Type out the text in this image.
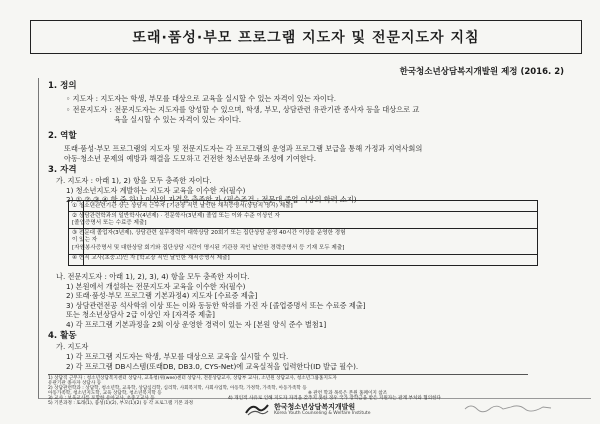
또래·품성·부모 프로그램 지도자 및 전문지도자 지침
한국청소년상담복지개발원 제정 (2016. 2)
1. 정의
◦ 지도자 : 지도자는 학생, 부모를 대상으로 교육을 실시할 수 있는 자격이 있는 자이다.
◦ 전문지도자 : 전문지도자는 지도자를 양성할 수 있으며, 학생, 부모, 상담관련 유관기관 종사자 등을 대상으로 교
육을 실시할 수 있는 자격이 있는 자이다.
2. 역할
또래·품성·부모 프로그램의 지도자 및 전문지도자는 각 프로그램의 운영과 프로그램 보급을 통해 가정과 지역사회의
아동·청소년 문제의 예방과 해결을 도모하고 건전한 청소년문화 조성에 기여한다.
3. 자격
가. 지도자 : 아래 1), 2) 항을 모두 충족한 자이다.
1) 청소년지도자 계발하는 지도자 교육을 이수한 자(필수)
2) ①,②,③,④ 항 중 하나 이상의 자격을 충족한 자 (필수조건 : 전문대 졸업 이상의 학력 소지)
① 청소년관련기관 상근 상담직 근무자 [기관장 직인 날인한 재직증명서(상담직 명시) 제출]
② 상담관련학과의 일반학사(4년제) · 전문학사(3년제) 졸업 또는 이와 수준 이상인 자
[졸업증명서 또는 수료증 제출]
③ 전문대 졸업자(3년제), 상담관련 실무경력이 대학상담 20회기 또는 집단상담 운영 40시간 이상을 운영한 경험
이 있는 자
[자원봉사증명서 및 대한상담 회기와 집단상담 시간이 명시된 기관장 직인 날인한 경력증명서 등 기재 모두 제출]
④ 현직 교사(초중고)인 자 [학교장 직인 날인한 재직증명서 제출]
나. 전문지도자 : 아래 1), 2), 3), 4) 항을 모두 충족한 자이다.
1) 본원에서 개설하는 전문지도자 교육을 이수한 자(필수)
2) 또래·품성·부모 프로그램 기본과정4) 지도자 [수료증 제출]
3) 상담관련전공 석사학위 이상 또는 이와 동등한 학위를 가진 자 [졸업증명서 또는 수료증 제출]
또는 청소년상담사 2급 이상인 자 [자격증 제출]
4) 각 프로그램 기본과정을 2회 이상 운영한 경력이 있는 자 [본원 양식 준수 별첨1]
4. 활동
가. 지도자
1) 각 프로그램 지도자는 학생, 부모를 대상으로 교육을 실시할 수 있다.
2) 각 프로그램 DB시스템(또래DB, DB3.0, CYS-Net)에 교육실적을 입력한다(ID 발급 필수).
1) 상담직 근무자 : 청소년상담복지센터 상담사, 교육청(위(wee)센터 상담사, 전문상담교사, 상담부 교사), 소년원 상담교사, 청소년그룹홈지도자
유관기관 종사자 상담사 등
2) 상담관련학과 : 상담학, 청소년학, 교육학, 상담심리학, 심리학, 사회복지학, 사회사업학, 아동학, 가정학, 가족학, 아동가족학 등
아동가족학, 청소년지도학, 교육 상담학, 청소년복지학 등	※ 관련 학과 목록은 본원 홈페이지 참조
3) 교사 : 보육교사를 포함한 유아교사, 초중고교사 등	4) 개인적 사유로 인해 지도자 자격을 갖추지 못한 경우 국가 장학금을 받은 지원자는 관계 부처와 협의한다
5) 기본과정 : 또래(1), 품성(1)(2), 부모(1)(2) 등 각 프로그램 기본 과정	한국청소년상담복지개발원
Korea Youth Counseling & Welfare Institute
